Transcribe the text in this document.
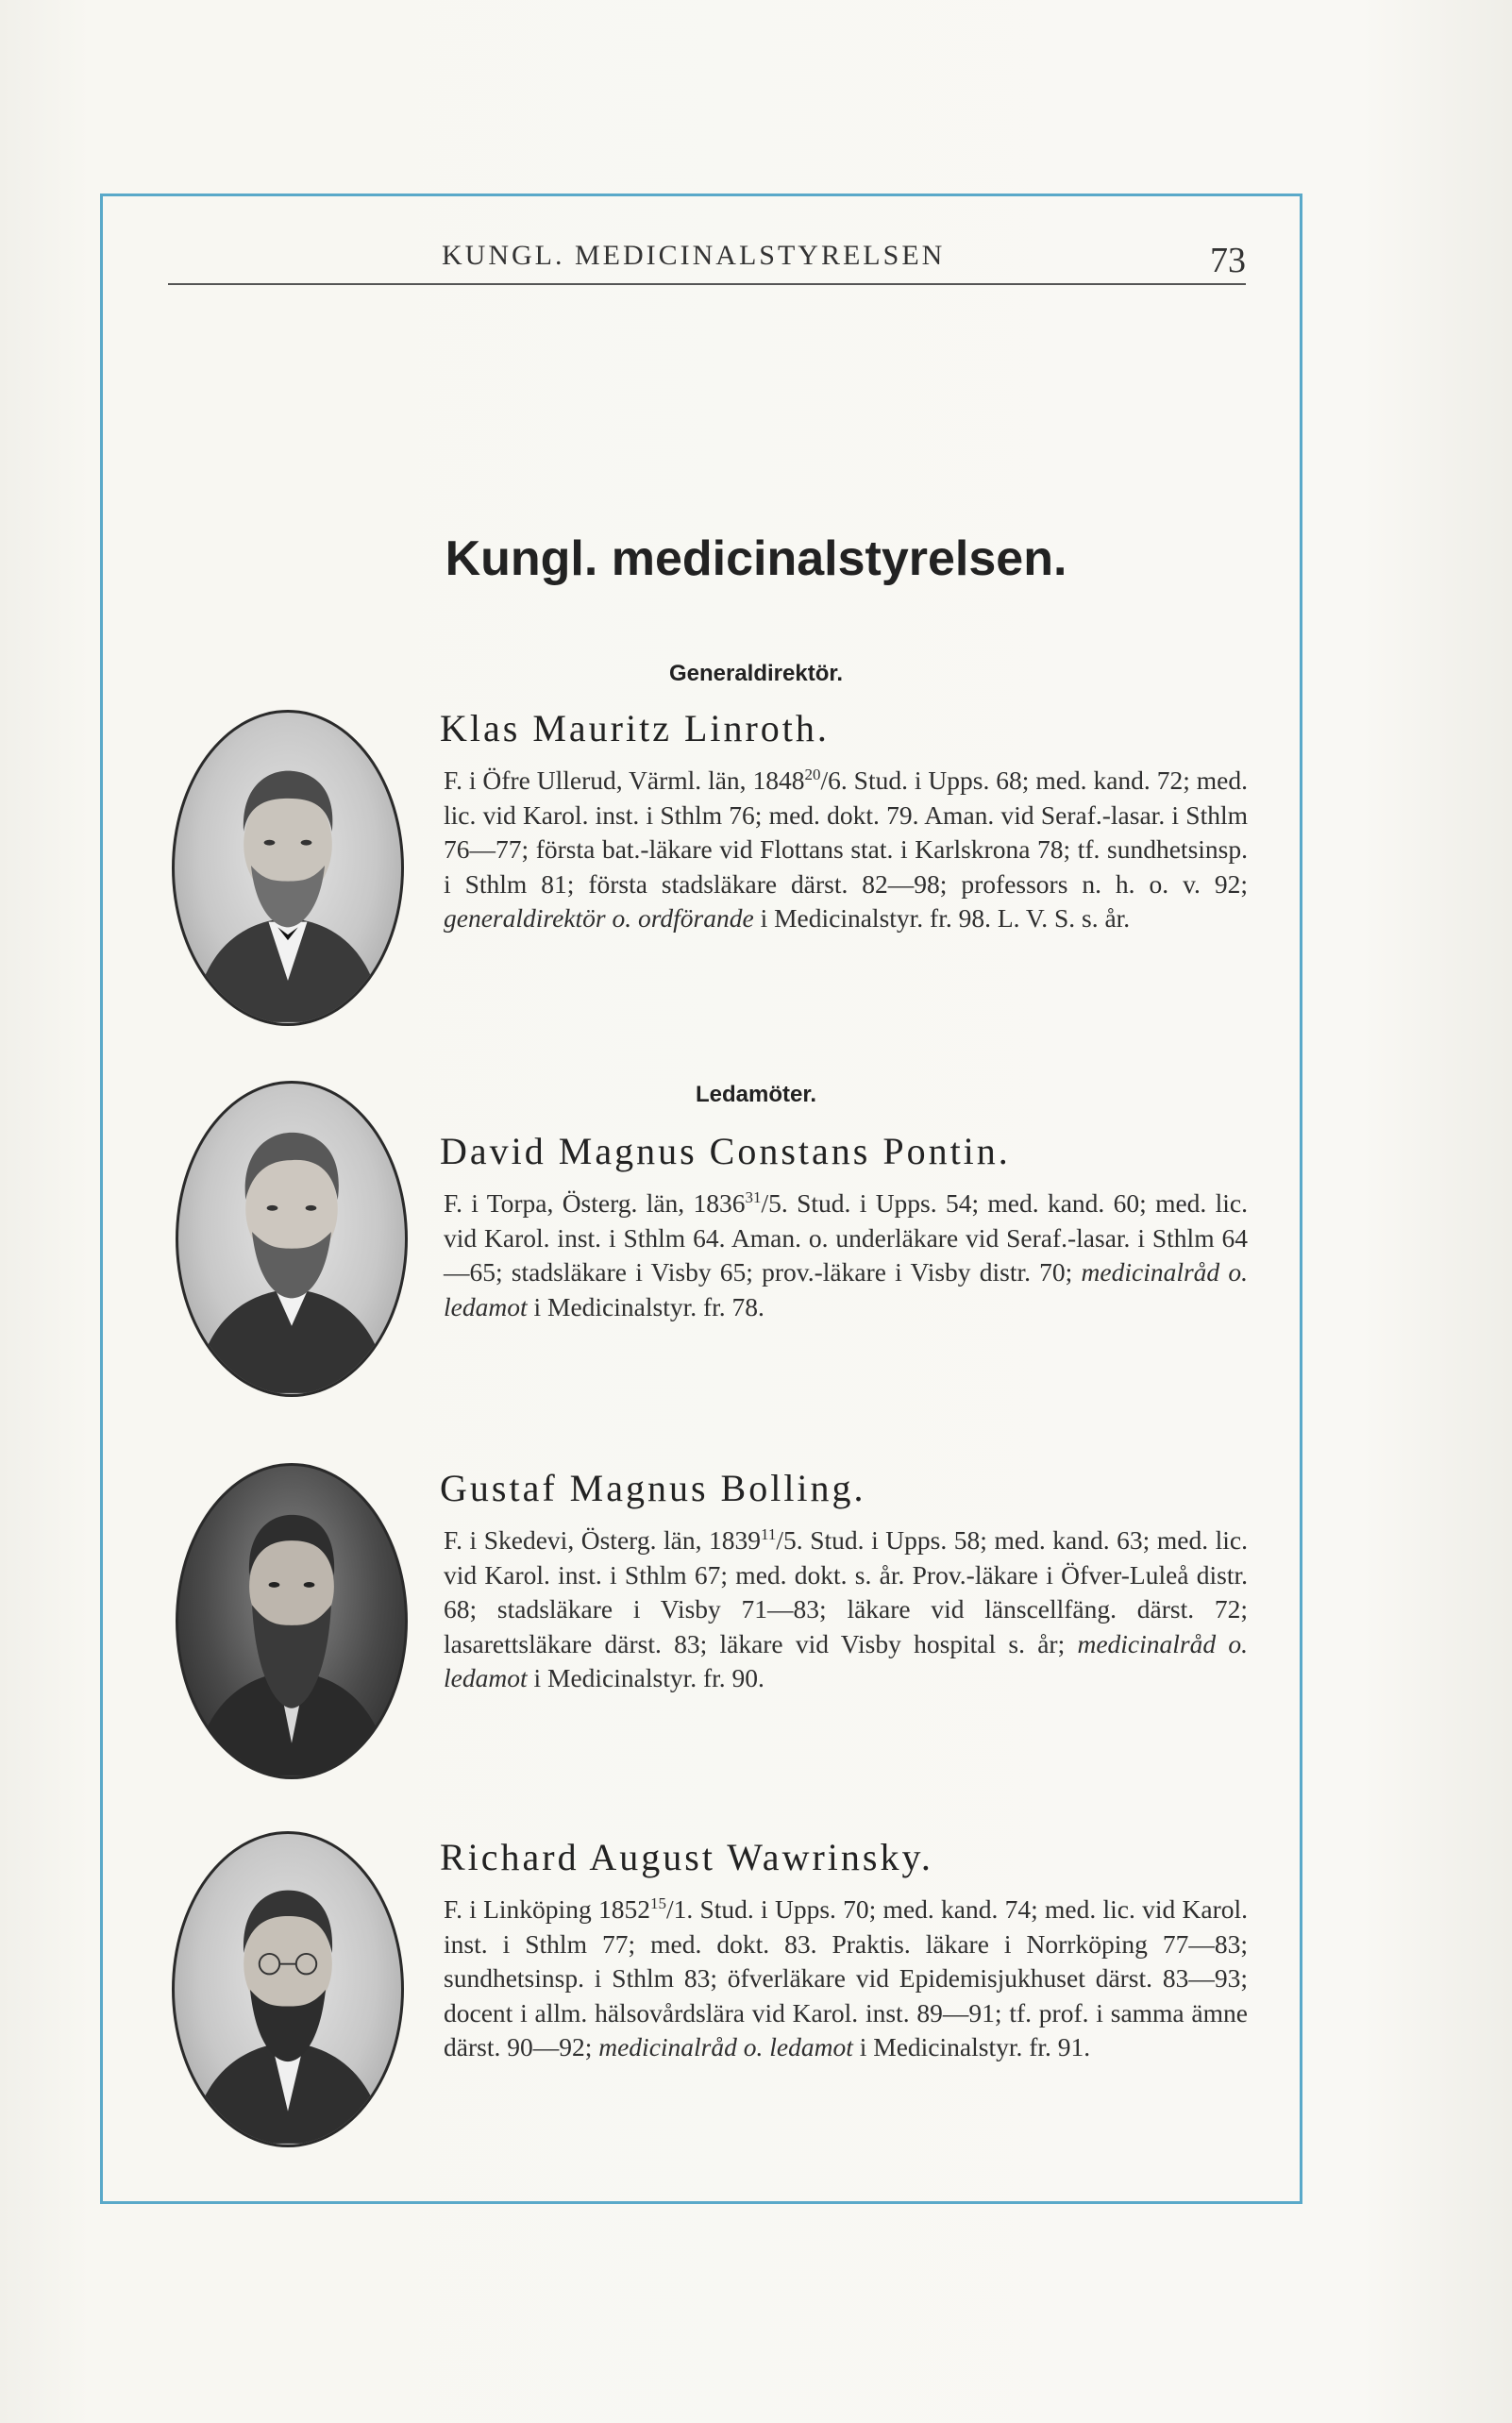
KUNGL. MEDICINALSTYRELSEN	73
Kungl. medicinalstyrelsen.
Generaldirektör.
Ledamöter.
Klas Mauritz Linroth.
F. i Öfre Ullerud, Värml. län, 1848$^{20}$/6. Stud. i Upps. 68; med. kand. 72; med. lic. vid Karol. inst. i Sthlm 76; med. dokt. 79. Aman. vid Seraf.-lasar. i Sthlm 76—77; första bat.-läkare vid Flottans stat. i Karlskrona 78; tf. sundhetsinsp. i Sthlm 81; första stadsläkare därst. 82—98; professors n. h. o. v. 92; generaldirektör o. ordförande i Medicinalstyr. fr. 98. L. V. S. s. år.
David Magnus Constans Pontin.
F. i Torpa, Österg. län, 1836$^{31}$/5. Stud. i Upps. 54; med. kand. 60; med. lic. vid Karol. inst. i Sthlm 64. Aman. o. underläkare vid Seraf.-lasar. i Sthlm 64—65; stadsläkare i Visby 65; prov.-läkare i Visby distr. 70; medicinalråd o. ledamot i Medicinalstyr. fr. 78.
Gustaf Magnus Bolling.
F. i Skedevi, Österg. län, 1839$^{11}$/5. Stud. i Upps. 58; med. kand. 63; med. lic. vid Karol. inst. i Sthlm 67; med. dokt. s. år. Prov.-läkare i Öfver-Luleå distr. 68; stadsläkare i Visby 71—83; läkare vid länscellfäng. därst. 72; lasarettsläkare därst. 83; läkare vid Visby hospital s. år; medicinalråd o. ledamot i Medicinalstyr. fr. 90.
Richard August Wawrinsky.
F. i Linköping 1852$^{15}$/1. Stud. i Upps. 70; med. kand. 74; med. lic. vid Karol. inst. i Sthlm 77; med. dokt. 83. Praktis. läkare i Norrköping 77—83; sundhetsinsp. i Sthlm 83; öfverläkare vid Epidemisjukhuset därst. 83—93; docent i allm. hälsovårdslära vid Karol. inst. 89—91; tf. prof. i samma ämne därst. 90—92; medicinalråd o. ledamot i Medicinalstyr. fr. 91.
